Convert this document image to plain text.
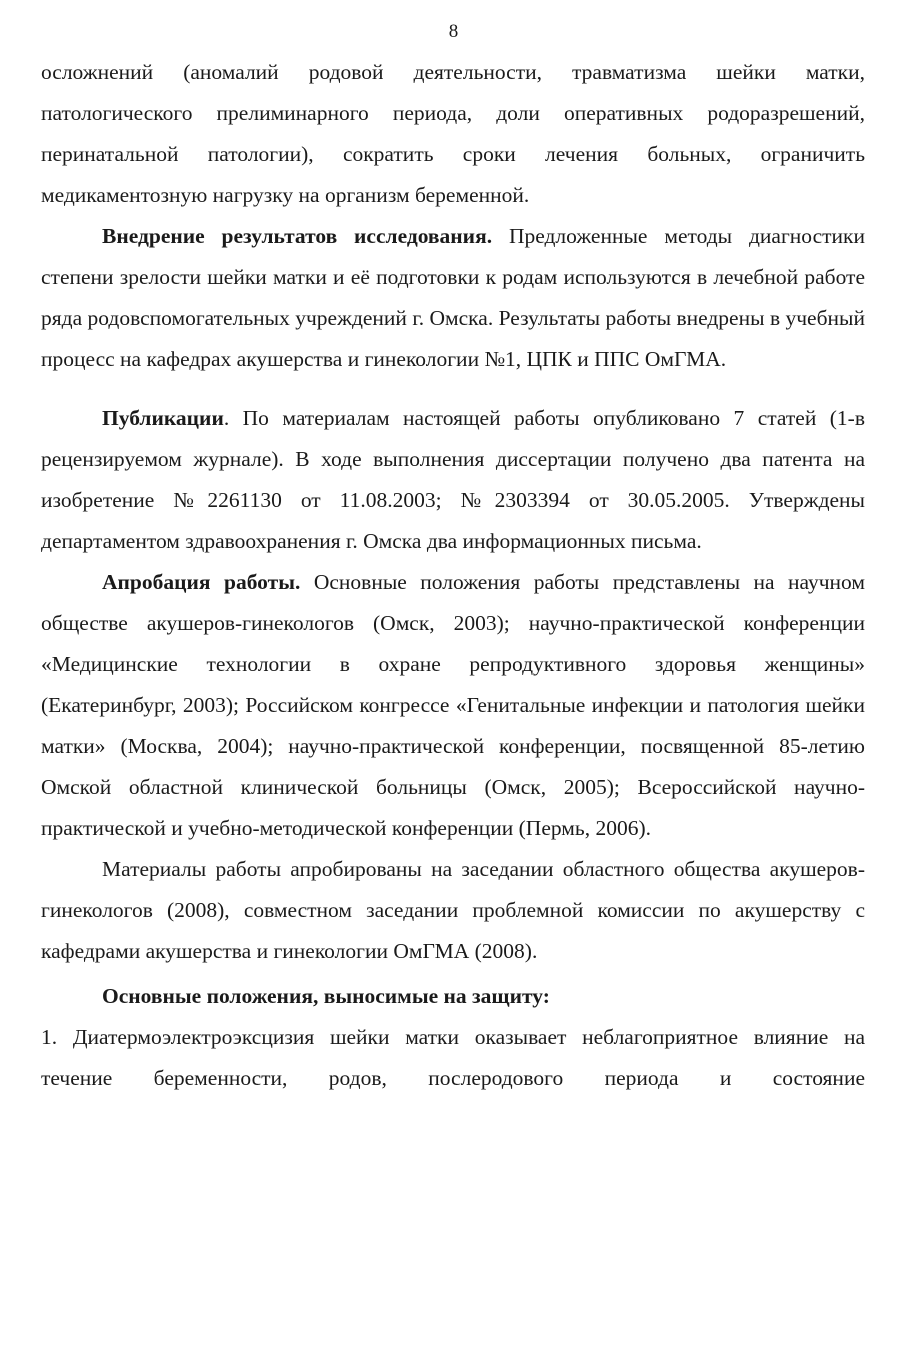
8

осложнений (аномалий родовой деятельности, травматизма шейки матки, патологического прелиминарного периода, доли оперативных родоразрешений, перинатальной патологии), сократить сроки лечения больных, ограничить медикаментозную нагрузку на организм беременной.

Внедрение результатов исследования. Предложенные методы диагностики степени зрелости шейки матки и её подготовки к родам используются в лечебной работе ряда родовспомогательных учреждений г. Омска. Результаты работы внедрены в учебный процесс на кафедрах акушерства и гинекологии №1, ЦПК и ППС ОмГМА.

Публикации. По материалам настоящей работы опубликовано 7 статей (1-в рецензируемом журнале). В ходе выполнения диссертации получено два патента на изобретение №2261130 от 11.08.2003; №2303394 от 30.05.2005. Утверждены департаментом здравоохранения г. Омска два информационных письма.

Апробация работы. Основные положения работы представлены на научном обществе акушеров-гинекологов (Омск, 2003); научно-практической конференции «Медицинские технологии в охране репродуктивного здоровья женщины» (Екатеринбург, 2003); Российском конгрессе «Генитальные инфекции и патология шейки матки» (Москва, 2004); научно-практической конференции, посвященной 85-летию Омской областной клинической больницы (Омск, 2005); Всероссийской научно-практической и учебно-методической конференции (Пермь, 2006).

Материалы работы апробированы на заседании областного общества акушеров-гинекологов (2008), совместном заседании проблемной комиссии по акушерству с кафедрами акушерства и гинекологии ОмГМА (2008).

Основные положения, выносимые на защиту:

1. Диатермоэлектроэксцизия шейки матки оказывает неблагоприятное влияние на течение беременности, родов, послеродового периода и состояние
